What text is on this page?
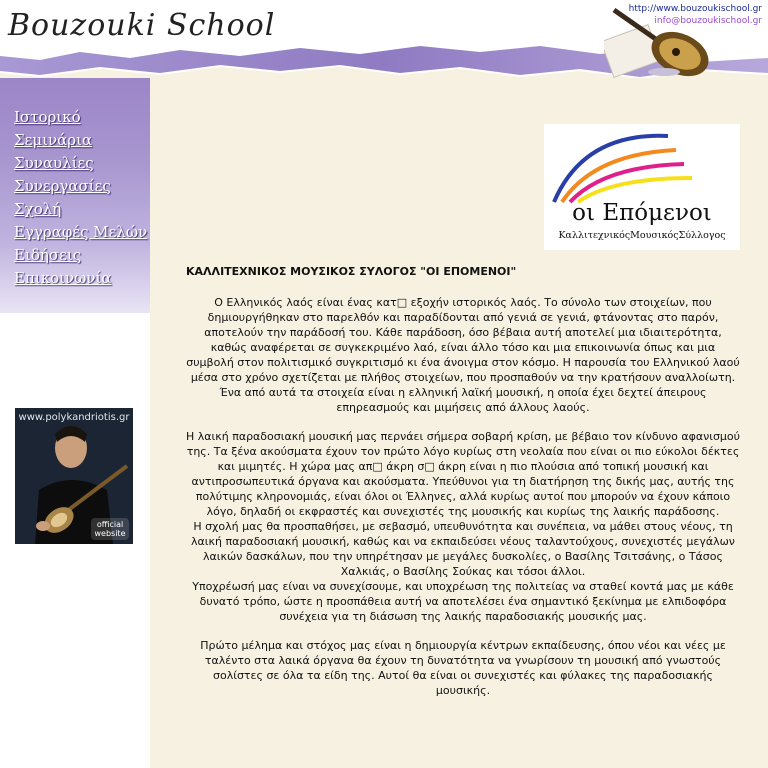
Bouzouki School	http://www.bouzoukischool.gr
info@bouzoukischool.gr
Ιστορικό
Σεμινάρια
Συναυλίες
Συνεργασίες
Σχολή
Εγγραφές Μελών
Ειδήσεις
Επικοινωνία
www.polykandriotis.gr
official website
οι Επόμενοι
ΚαλλιτεχνικόςΜουσικόςΣύλλογος
ΚΑΛΛΙΤΕΧΝΙΚΟΣ ΜΟΥΣΙΚΟΣ ΣΥΛΟΓΟΣ "ΟΙ ΕΠΟΜΕΝΟΙ"

Ο Ελληνικός λαός είναι ένας κατ□ εξοχήν ιστορικός λαός. Το σύνολο των στοιχείων, που δημιουργήθηκαν στο παρελθόν και παραδίδονται από γενιά σε γενιά, φτάνοντας στο παρόν, αποτελούν την παράδοσή του. Κάθε παράδοση, όσο βέβαια αυτή αποτελεί μια ιδιαιτερότητα, καθώς αναφέρεται σε συγκεκριμένο λαό, είναι άλλο τόσο και μια επικοινωνία όπως και μια συμβολή στον πολιτισμικό συγκριτισμό κι ένα άνοιγμα στον κόσμο. Η παρουσία του Ελληνικού λαού μέσα στο χρόνο σχετίζεται με πλήθος στοιχείων, που προσπαθούν να την κρατήσουν αναλλοίωτη. Ένα από αυτά τα στοιχεία είναι η ελληνική λαϊκή μουσική, η οποία έχει δεχτεί άπειρους επηρεασμούς και μιμήσεις από άλλους λαούς.

Η λαική παραδοσιακή μουσική μας περνάει σήμερα σοβαρή κρίση, με βέβαιο τον κίνδυνο αφανισμού της. Τα ξένα ακούσματα έχουν τον πρώτο λόγο κυρίως στη νεολαία που είναι οι πιο εύκολοι δέκτες και μιμητές. Η χώρα μας απ□ άκρη σ□ άκρη είναι η πιο πλούσια από τοπική μουσική και αντιπροσωπευτικά όργανα και ακούσματα. Υπεύθυνοι για τη διατήρηση της δικής μας, αυτής της πολύτιμης κληρονομιάς, είναι όλοι οι Έλληνες, αλλά κυρίως αυτοί που μπορούν να έχουν κάποιο λόγο, δηλαδή οι εκφραστές και συνεχιστές της μουσικής και κυρίως της λαικής παράδοσης.

Η σχολή μας θα προσπαθήσει, με σεβασμό, υπευθυνότητα και συνέπεια, να μάθει στους νέους, τη λαική παραδοσιακή μουσική, καθώς και να εκπαιδεύσει νέους ταλαντούχους, συνεχιστές μεγάλων λαικών δασκάλων, που την υπηρέτησαν με μεγάλες δυσκολίες, ο Βασίλης Τσιτσάνης, ο Τάσος Χαλκιάς, ο Βασίλης Σούκας και τόσοι άλλοι.

Υποχρέωσή μας είναι να συνεχίσουμε, και υποχρέωση της πολιτείας να σταθεί κοντά μας με κάθε δυνατό τρόπο, ώστε η προσπάθεια αυτή να αποτελέσει ένα σημαντικό ξεκίνημα με ελπιδοφόρα συνέχεια για τη διάσωση της λαικής παραδοσιακής μουσικής μας.

Πρώτο μέλημα και στόχος μας είναι η δημιουργία κέντρων εκπαίδευσης, όπου νέοι και νέες με ταλέντο στα λαικά όργανα θα έχουν τη δυνατότητα να γνωρίσουν τη μουσική από γνωστούς σολίστες σε όλα τα είδη της. Αυτοί θα είναι οι συνεχιστές και φύλακες της παραδοσιακής μουσικής.
